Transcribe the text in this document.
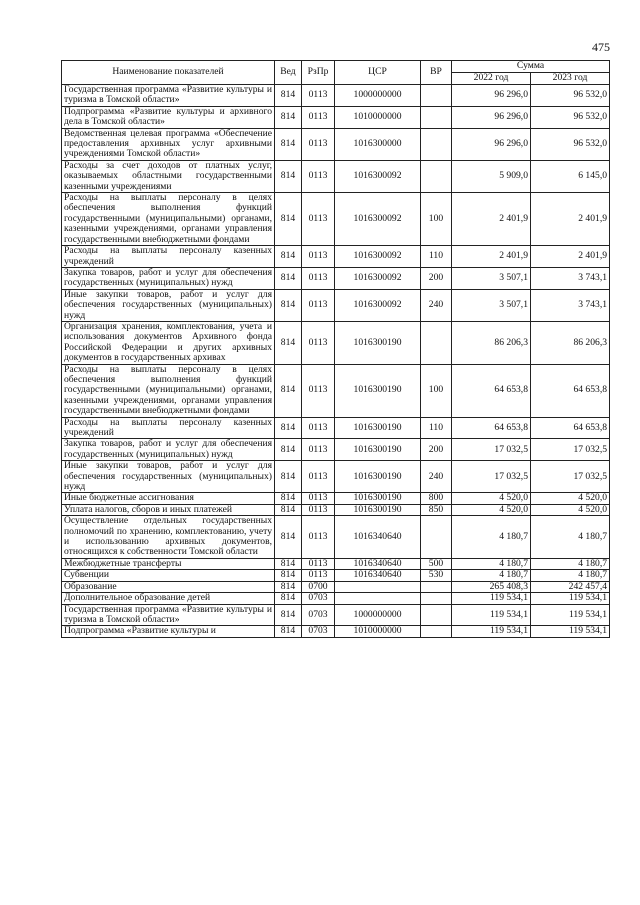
475
Наименование показателей	Вед	РзПр	ЦСР	ВР	Сумма	
					2022 год	2023 год
Государственная программа «Развитие культуры и туризма в Томской области»	814	0113	1000000000		96 296,0	96 532,0
Подпрограмма «Развитие культуры и архивного дела в Томской области»	814	0113	1010000000		96 296,0	96 532,0
Ведомственная целевая программа «Обеспечение предоставления архивных услуг архивными учреждениями Томской области»	814	0113	1016300000		96 296,0	96 532,0
Расходы за счет доходов от платных услуг, оказываемых областными государственными казенными учреждениями	814	0113	1016300092		5 909,0	6 145,0
Расходы на выплаты персоналу в целях обеспечения выполнения функций государственными (муниципальными) органами, казенными учреждениями, органами управления государственными внебюджетными фондами	814	0113	1016300092	100	2 401,9	2 401,9
Расходы на выплаты персоналу казенных учреждений	814	0113	1016300092	110	2 401,9	2 401,9
Закупка товаров, работ и услуг для обеспечения государственных (муниципальных) нужд	814	0113	1016300092	200	3 507,1	3 743,1
Иные закупки товаров, работ и услуг для обеспечения государственных (муниципальных) нужд	814	0113	1016300092	240	3 507,1	3 743,1
Организация хранения, комплектования, учета и использования документов Архивного фонда Российской Федерации и других архивных документов в государственных архивах	814	0113	1016300190		86 206,3	86 206,3
Расходы на выплаты персоналу в целях обеспечения выполнения функций государственными (муниципальными) органами, казенными учреждениями, органами управления государственными внебюджетными фондами	814	0113	1016300190	100	64 653,8	64 653,8
Расходы на выплаты персоналу казенных учреждений	814	0113	1016300190	110	64 653,8	64 653,8
Закупка товаров, работ и услуг для обеспечения государственных (муниципальных) нужд	814	0113	1016300190	200	17 032,5	17 032,5
Иные закупки товаров, работ и услуг для обеспечения государственных (муниципальных) нужд	814	0113	1016300190	240	17 032,5	17 032,5
Иные бюджетные ассигнования	814	0113	1016300190	800	4 520,0	4 520,0
Уплата налогов, сборов и иных платежей	814	0113	1016300190	850	4 520,0	4 520,0
Осуществление отдельных государственных полномочий по хранению, комплектованию, учету и использованию архивных документов, относящихся к собственности Томской области	814	0113	1016340640		4 180,7	4 180,7
Межбюджетные трансферты	814	0113	1016340640	500	4 180,7	4 180,7
Субвенции	814	0113	1016340640	530	4 180,7	4 180,7
Образование	814	0700			265 408,3	242 457,4
Дополнительное образование детей	814	0703			119 534,1	119 534,1
Государственная программа «Развитие культуры и туризма в Томской области»	814	0703	1000000000		119 534,1	119 534,1
Подпрограмма «Развитие культуры и	814	0703	1010000000		119 534,1	119 534,1
